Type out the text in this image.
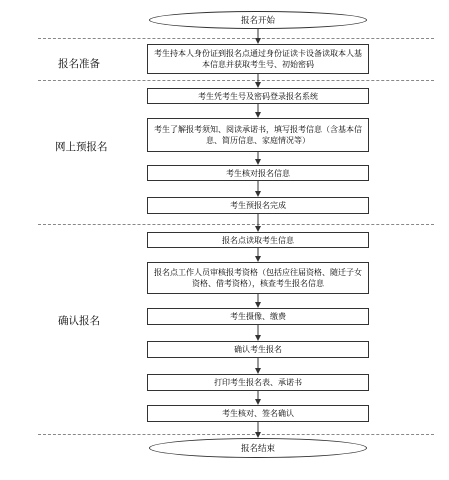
报名准备
网上预报名
确认报名
报名开始
报名结束
考生持本人身份证到报名点通过身份证读卡设备读取本人基本信息并获取考生号、初始密码
考生凭考生号及密码登录报名系统
考生了解报考须知、阅读承诺书，填写报考信息（含基本信息、简历信息、家庭情况等）
考生核对报名信息
考生预报名完成
报名点读取考生信息
报名点工作人员审核报考资格（包括应往届资格、随迁子女资格、借考资格），核查考生报名信息
考生摄像、缴费
确认考生报名
打印考生报名表、承诺书
考生核对、签名确认
